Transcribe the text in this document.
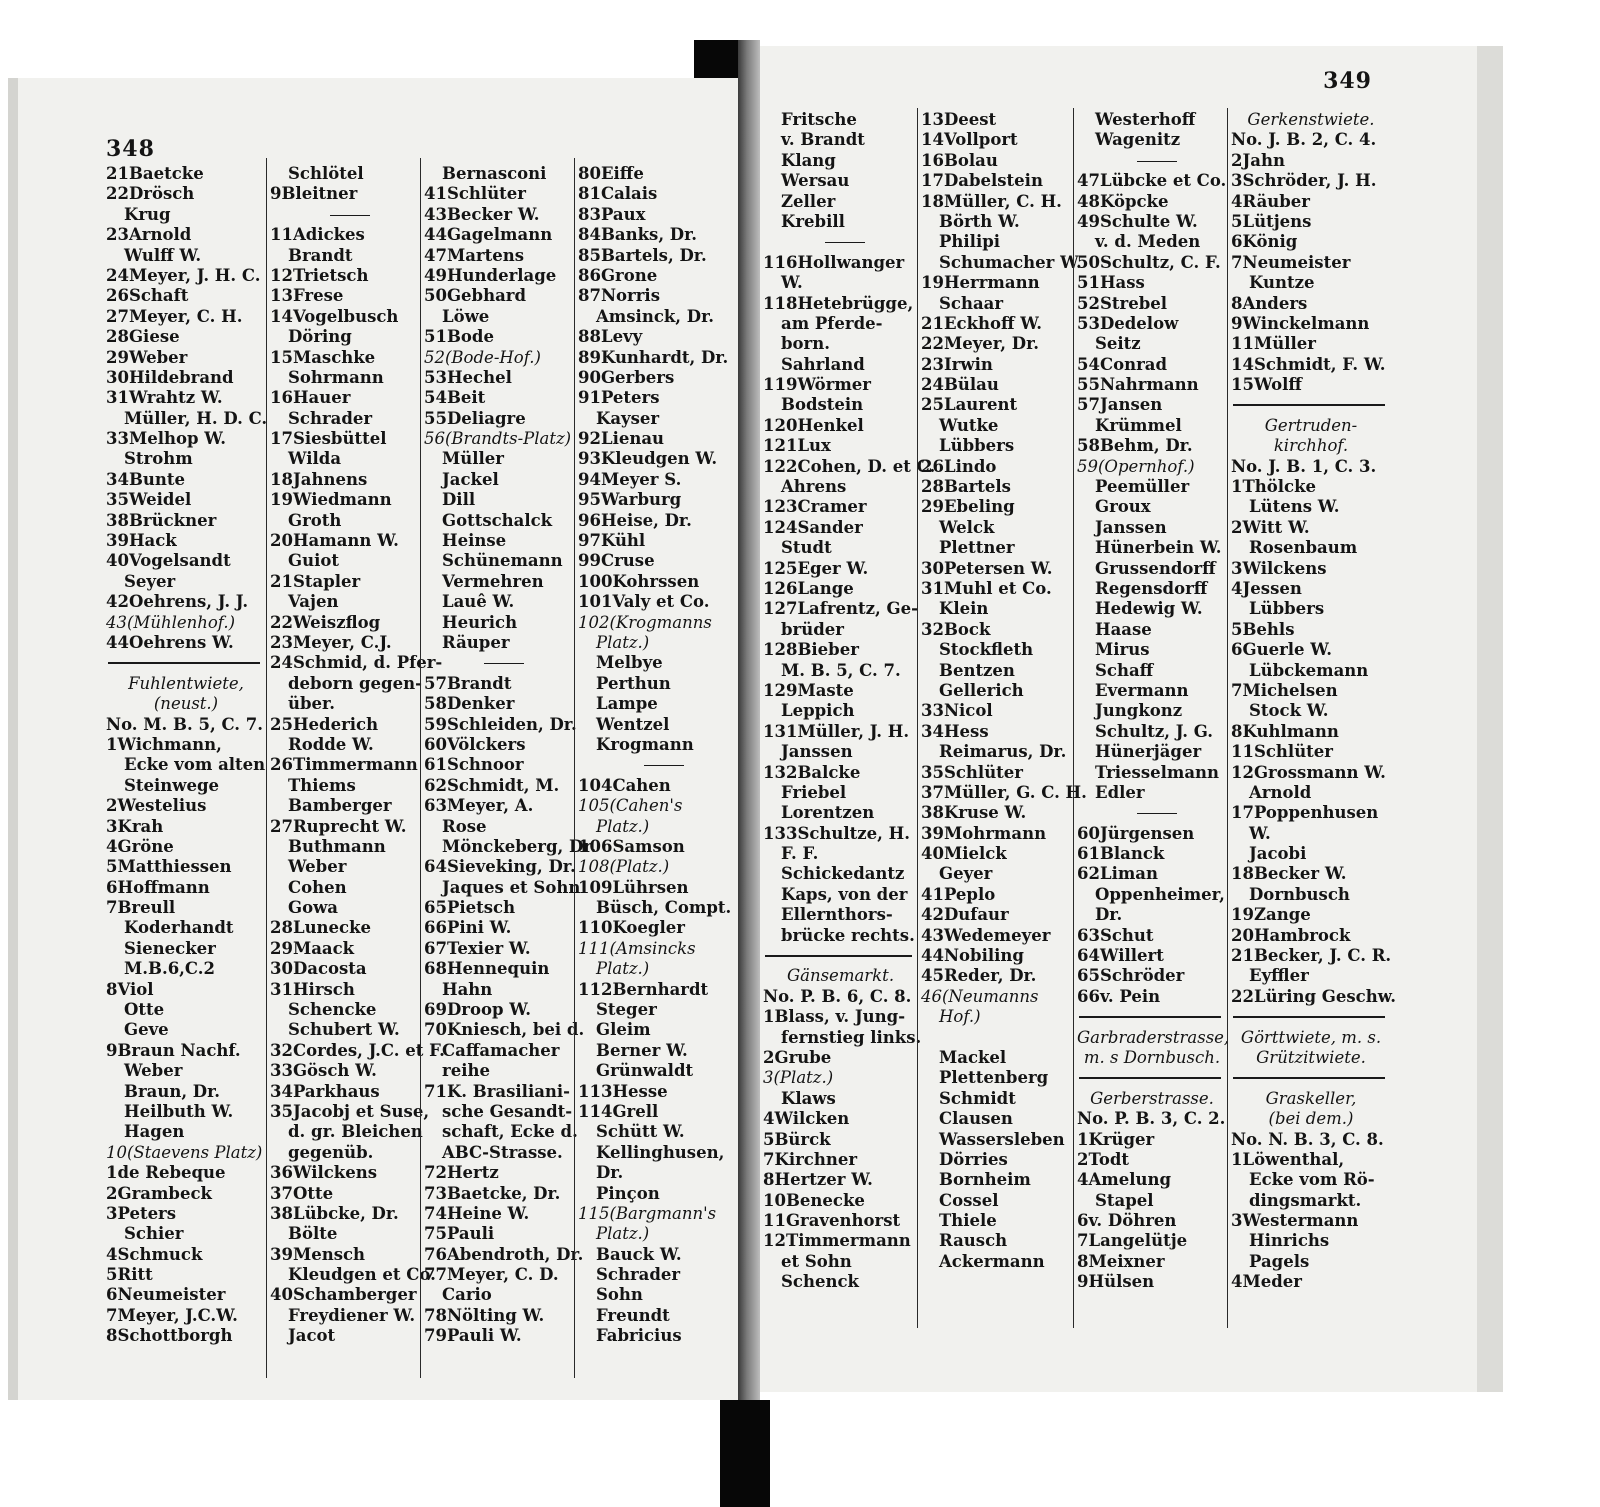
348
21Baetcke
22Drösch
Krug
23Arnold
Wulff W.
24Meyer, J. H. C.
26Schaft
27Meyer, C. H.
28Giese
29Weber
30Hildebrand
31Wrahtz W.
Müller, H. D. C.
33Melhop W.
Strohm
34Bunte
35Weidel
38Brückner
39Hack
40Vogelsandt
Seyer
42Oehrens, J. J.
43(Mühlenhof.)
44Oehrens W.
Fuhlentwiete,
(neust.)
No. M. B. 5, C. 7.
1Wichmann,
Ecke vom alten
Steinwege
2Westelius
3Krah
4Gröne
5Matthiessen
6Hoffmann
7Breull
Koderhandt
Sienecker
M.B.6,C.2
8Viol
Otte
Geve
9Braun Nachf.
Weber
Braun, Dr.
Heilbuth W.
Hagen
10(Staevens Platz)
1de Rebeque
2Grambeck
3Peters
Schier
4Schmuck
5Ritt
6Neumeister
7Meyer, J.C.W.
8Schottborgh
Schlötel
9Bleitner
11Adickes
Brandt
12Trietsch
13Frese
14Vogelbusch
Döring
15Maschke
Sohrmann
16Hauer
Schrader
17Siesbüttel
Wilda
18Jahnens
19Wiedmann
Groth
20Hamann W.
Guiot
21Stapler
Vajen
22Weiszflog
23Meyer, C.J.
24Schmid, d. Pfer-
deborn gegen-
über.
25Hederich
Rodde W.
26Timmermann
Thiems
Bamberger
27Ruprecht W.
Buthmann
Weber
Cohen
Gowa
28Lunecke
29Maack
30Dacosta
31Hirsch
Schencke
Schubert W.
32Cordes, J.C. et F.
33Gösch W.
34Parkhaus
35Jacobj et Suse,
d. gr. Bleichen
gegenüb.
36Wilckens
37Otte
38Lübcke, Dr.
Bölte
39Mensch
Kleudgen et Co.
40Schamberger
Freydiener W.
Jacot
Bernasconi
41Schlüter
43Becker W.
44Gagelmann
47Martens
49Hunderlage
50Gebhard
Löwe
51Bode
52(Bode-Hof.)
53Hechel
54Beit
55Deliagre
56(Brandts-Platz)
Müller
Jackel
Dill
Gottschalck
Heinse
Schünemann
Vermehren
Lauê W.
Heurich
Räuper
57Brandt
58Denker
59Schleiden, Dr.
60Völckers
61Schnoor
62Schmidt, M.
63Meyer, A.
Rose
Mönckeberg, Dr.
64Sieveking, Dr.
Jaques et Sohn
65Pietsch
66Pini W.
67Texier W.
68Hennequin
Hahn
69Droop W.
70Kniesch, bei d.
Caffamacher
reihe
71K. Brasiliani-
sche Gesandt-
schaft, Ecke d.
ABC-Strasse.
72Hertz
73Baetcke, Dr.
74Heine W.
75Pauli
76Abendroth, Dr.
77Meyer, C. D.
Cario
78Nölting W.
79Pauli W.
80Eiffe
81Calais
83Paux
84Banks, Dr.
85Bartels, Dr.
86Grone
87Norris
Amsinck, Dr.
88Levy
89Kunhardt, Dr.
90Gerbers
91Peters
Kayser
92Lienau
93Kleudgen W.
94Meyer S.
95Warburg
96Heise, Dr.
97Kühl
99Cruse
100Kohrssen
101Valy et Co.
102(Krogmanns
Platz.)
Melbye
Perthun
Lampe
Wentzel
Krogmann
104Cahen
105(Cahen's
Platz.)
106Samson
108(Platz.)
109Lührsen
Büsch, Compt.
110Koegler
111(Amsincks
Platz.)
112Bernhardt
Steger
Gleim
Berner W.
Grünwaldt
113Hesse
114Grell
Schütt W.
Kellinghusen,
Dr.
Pinçon
115(Bargmann's
Platz.)
Bauck W.
Schrader
Sohn
Freundt
Fabricius
349
Fritsche
v. Brandt
Klang
Wersau
Zeller
Krebill
116Hollwanger
W.
118Hetebrügge,
am Pferde-
born.
Sahrland
119Wörmer
Bodstein
120Henkel
121Lux
122Cohen, D. et C.
Ahrens
123Cramer
124Sander
Studt
125Eger W.
126Lange
127Lafrentz, Ge-
brüder
128Bieber
M. B. 5, C. 7.
129Maste
Leppich
131Müller, J. H.
Janssen
132Balcke
Friebel
Lorentzen
133Schultze, H.
F. F.
Schickedantz
Kaps, von der
Ellernthors-
brücke rechts.
Gänsemarkt.
No. P. B. 6, C. 8.
1Blass, v. Jung-
fernstieg links.
2Grube
3(Platz.)
Klaws
4Wilcken
5Bürck
7Kirchner
8Hertzer W.
10Benecke
11Gravenhorst
12Timmermann
et Sohn
Schenck
13Deest
14Vollport
16Bolau
17Dabelstein
18Müller, C. H.
Börth W.
Philipi
Schumacher W.
19Herrmann
Schaar
21Eckhoff W.
22Meyer, Dr.
23Irwin
24Bülau
25Laurent
Wutke
Lübbers
26Lindo
28Bartels
29Ebeling
Welck
Plettner
30Petersen W.
31Muhl et Co.
Klein
32Bock
Stockfleth
Bentzen
Gellerich
33Nicol
34Hess
Reimarus, Dr.
35Schlüter
37Müller, G. C. H.
38Kruse W.
39Mohrmann
40Mielck
Geyer
41Peplo
42Dufaur
43Wedemeyer
44Nobiling
45Reder, Dr.
46(Neumanns
Hof.)
Mackel
Plettenberg
Schmidt
Clausen
Wassersleben
Dörries
Bornheim
Cossel
Thiele
Rausch
Ackermann
Westerhoff
Wagenitz
47Lübcke et Co.
48Köpcke
49Schulte W.
v. d. Meden
50Schultz, C. F.
51Hass
52Strebel
53Dedelow
Seitz
54Conrad
55Nahrmann
57Jansen
Krümmel
58Behm, Dr.
59(Opernhof.)
Peemüller
Groux
Janssen
Hünerbein W.
Grussendorff
Regensdorff
Hedewig W.
Haase
Mirus
Schaff
Evermann
Jungkonz
Schultz, J. G.
Hünerjäger
Triesselmann
Edler
60Jürgensen
61Blanck
62Liman
Oppenheimer,
Dr.
63Schut
64Willert
65Schröder
66v. Pein
Garbraderstrasse,
m. s Dornbusch.
Gerberstrasse.
No. P. B. 3, C. 2.
1Krüger
2Todt
4Amelung
Stapel
6v. Döhren
7Langelütje
8Meixner
9Hülsen
Gerkenstwiete.
No. J. B. 2, C. 4.
2Jahn
3Schröder, J. H.
4Räuber
5Lütjens
6König
7Neumeister
Kuntze
8Anders
9Winckelmann
11Müller
14Schmidt, F. W.
15Wolff
Gertruden-
kirchhof.
No. J. B. 1, C. 3.
1Thölcke
Lütens W.
2Witt W.
Rosenbaum
3Wilckens
4Jessen
Lübbers
5Behls
6Guerle W.
Lübckemann
7Michelsen
Stock W.
8Kuhlmann
11Schlüter
12Grossmann W.
Arnold
17Poppenhusen
W.
Jacobi
18Becker W.
Dornbusch
19Zange
20Hambrock
21Becker, J. C. R.
Eyffler
22Lüring Geschw.
Görttwiete, m. s.
Grützitwiete.
Graskeller,
(bei dem.)
No. N. B. 3, C. 8.
1Löwenthal,
Ecke vom Rö-
dingsmarkt.
3Westermann
Hinrichs
Pagels
4Meder
